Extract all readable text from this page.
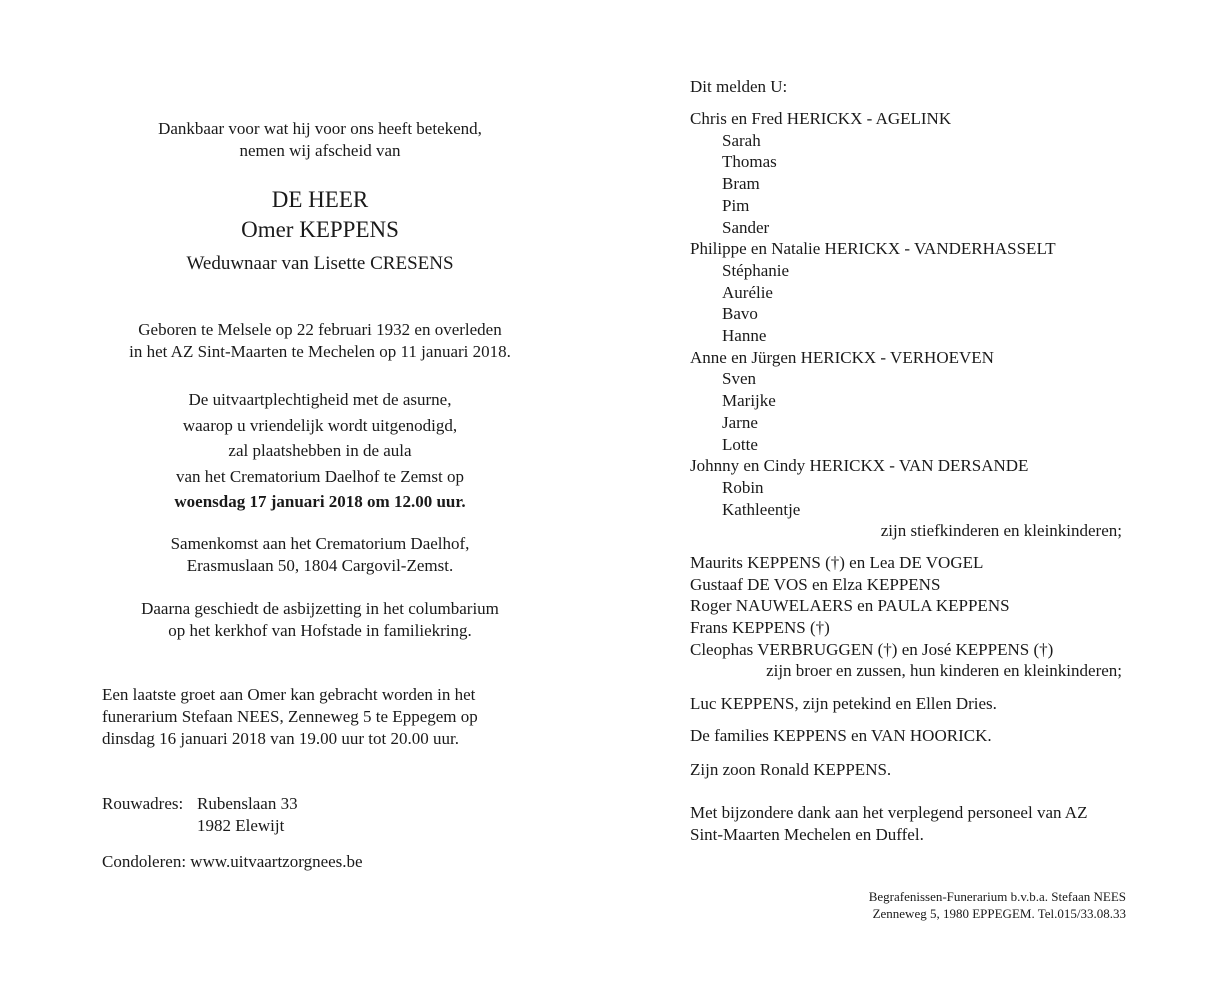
Dankbaar voor wat hij voor ons heeft betekend,
nemen wij afscheid van
DE HEER
Omer KEPPENS
Weduwnaar van Lisette CRESENS
Geboren te Melsele op 22 februari 1932 en overleden
in het AZ Sint-Maarten te Mechelen op 11 januari 2018.
De uitvaartplechtigheid met de asurne,
waarop u vriendelijk wordt uitgenodigd,
zal plaatshebben in de aula
van het Crematorium Daelhof te Zemst op
woensdag 17 januari 2018 om 12.00 uur.
Samenkomst aan het Crematorium Daelhof,
Erasmuslaan 50, 1804 Cargovil-Zemst.
Daarna geschiedt de asbijzetting in het columbarium
op het kerkhof van Hofstade in familiekring.
Een laatste groet aan Omer kan gebracht worden in het
funerarium Stefaan NEES, Zenneweg 5 te Eppegem op
dinsdag 16 januari 2018 van 19.00 uur tot 20.00 uur.
Rouwadres: Rubenslaan 33
1982 Elewijt
Condoleren: www.uitvaartzorgnees.be
Dit melden U:
Chris en Fred HERICKX - AGELINK
Sarah
Thomas
Bram
Pim
Sander
Philippe en Natalie HERICKX - VANDERHASSELT
Stéphanie
Aurélie
Bavo
Hanne
Anne en Jürgen HERICKX - VERHOEVEN
Sven
Marijke
Jarne
Lotte
Johnny en Cindy HERICKX - VAN DERSANDE
Robin
Kathleentje
zijn stiefkinderen en kleinkinderen;
Maurits KEPPENS (†) en Lea DE VOGEL
Gustaaf DE VOS en Elza KEPPENS
Roger NAUWELAERS en PAULA KEPPENS
Frans KEPPENS (†)
Cleophas VERBRUGGEN (†) en José KEPPENS (†)
zijn broer en zussen, hun kinderen en kleinkinderen;
Luc KEPPENS, zijn petekind en Ellen Dries.
De families KEPPENS en VAN HOORICK.
Zijn zoon Ronald KEPPENS.
Met bijzondere dank aan het verplegend personeel van AZ
Sint-Maarten Mechelen en Duffel.
Begrafenissen-Funerarium b.v.b.a. Stefaan NEES
Zenneweg 5, 1980 EPPEGEM. Tel.015/33.08.33
